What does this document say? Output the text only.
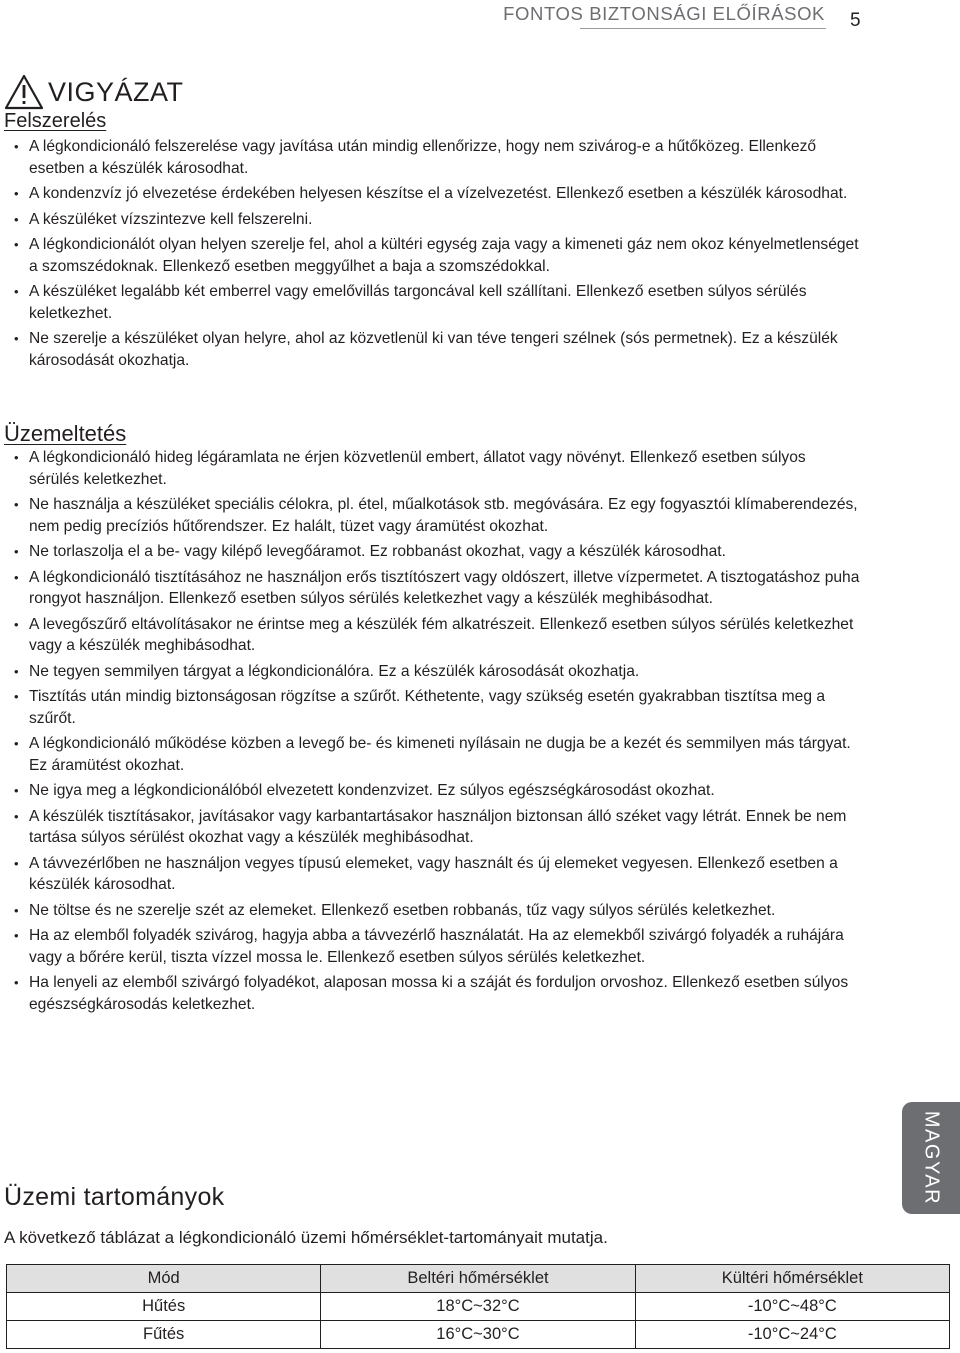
FONTOS BIZTONSÁGI ELŐÍRÁSOK 5
MAGYAR
VIGYÁZAT
Felszerelés
• A légkondicionáló felszerelése vagy javítása után mindig ellenőrizze, hogy nem szivárog-e a hűtőközeg. Ellenkező esetben a készülék károsodhat.
• A kondenzvíz jó elvezetése érdekében helyesen készítse el a vízelvezetést. Ellenkező esetben a készülék károsodhat.
• A készüléket vízszintezve kell felszerelni.
• A légkondicionálót olyan helyen szerelje fel, ahol a kültéri egység zaja vagy a kimeneti gáz nem okoz kényelmetlenséget a szomszédoknak. Ellenkező esetben meggyűlhet a baja a szomszédokkal.
• A készüléket legalább két emberrel vagy emelővillás targoncával kell szállítani. Ellenkező esetben súlyos sérülés keletkezhet.
• Ne szerelje a készüléket olyan helyre, ahol az közvetlenül ki van téve tengeri szélnek (sós permetnek). Ez a készülék károsodását okozhatja.
Üzemeltetés
• A légkondicionáló hideg légáramlata ne érjen közvetlenül embert, állatot vagy növényt. Ellenkező esetben súlyos sérülés keletkezhet.
• Ne használja a készüléket speciális célokra, pl. étel, műalkotások stb. megóvására. Ez egy fogyasztói klímaberendezés, nem pedig precíziós hűtőrendszer. Ez halált, tüzet vagy áramütést okozhat.
• Ne torlaszolja el a be- vagy kilépő levegőáramot. Ez robbanást okozhat, vagy a készülék károsodhat.
• A légkondicionáló tisztításához ne használjon erős tisztítószert vagy oldószert, illetve vízpermetet. A tisztogatáshoz puha rongyot használjon. Ellenkező esetben súlyos sérülés keletkezhet vagy a készülék meghibásodhat.
• A levegőszűrő eltávolításakor ne érintse meg a készülék fém alkatrészeit. Ellenkező esetben súlyos sérülés keletkezhet vagy a készülék meghibásodhat.
• Ne tegyen semmilyen tárgyat a légkondicionálóra. Ez a készülék károsodását okozhatja.
• Tisztítás után mindig biztonságosan rögzítse a szűrőt. Kéthetente, vagy szükség esetén gyakrabban tisztítsa meg a szűrőt.
• A légkondicionáló működése közben a levegő be- és kimeneti nyílásain ne dugja be a kezét és semmilyen más tárgyat. Ez áramütést okozhat.
• Ne igya meg a légkondicionálóból elvezetett kondenzvizet. Ez súlyos egészségkárosodást okozhat.
• A készülék tisztításakor, javításakor vagy karbantartásakor használjon biztonsan álló széket vagy létrát. Ennek be nem tartása súlyos sérülést okozhat vagy a készülék meghibásodhat.
• A távvezérlőben ne használjon vegyes típusú elemeket, vagy használt és új elemeket vegyesen. Ellenkező esetben a készülék károsodhat.
• Ne töltse és ne szerelje szét az elemeket. Ellenkező esetben robbanás, tűz vagy súlyos sérülés keletkezhet.
• Ha az elemből folyadék szivárog, hagyja abba a távvezérlő használatát. Ha az elemekből szivárgó folyadék a ruhájára vagy a bőrére kerül, tiszta vízzel mossa le. Ellenkező esetben súlyos sérülés keletkezhet.
• Ha lenyeli az elemből szivárgó folyadékot, alaposan mossa ki a száját és forduljon orvoshoz. Ellenkező esetben súlyos egészségkárosodás keletkezhet.
Üzemi tartományok

A következő táblázat a légkondicionáló üzemi hőmérséklet-tartományait mutatja.

Mód	Beltéri hőmérséklet	Kültéri hőmérséklet
Hűtés	18°C~32°C	-10°C~48°C
Fűtés	16°C~30°C	-10°C~24°C
